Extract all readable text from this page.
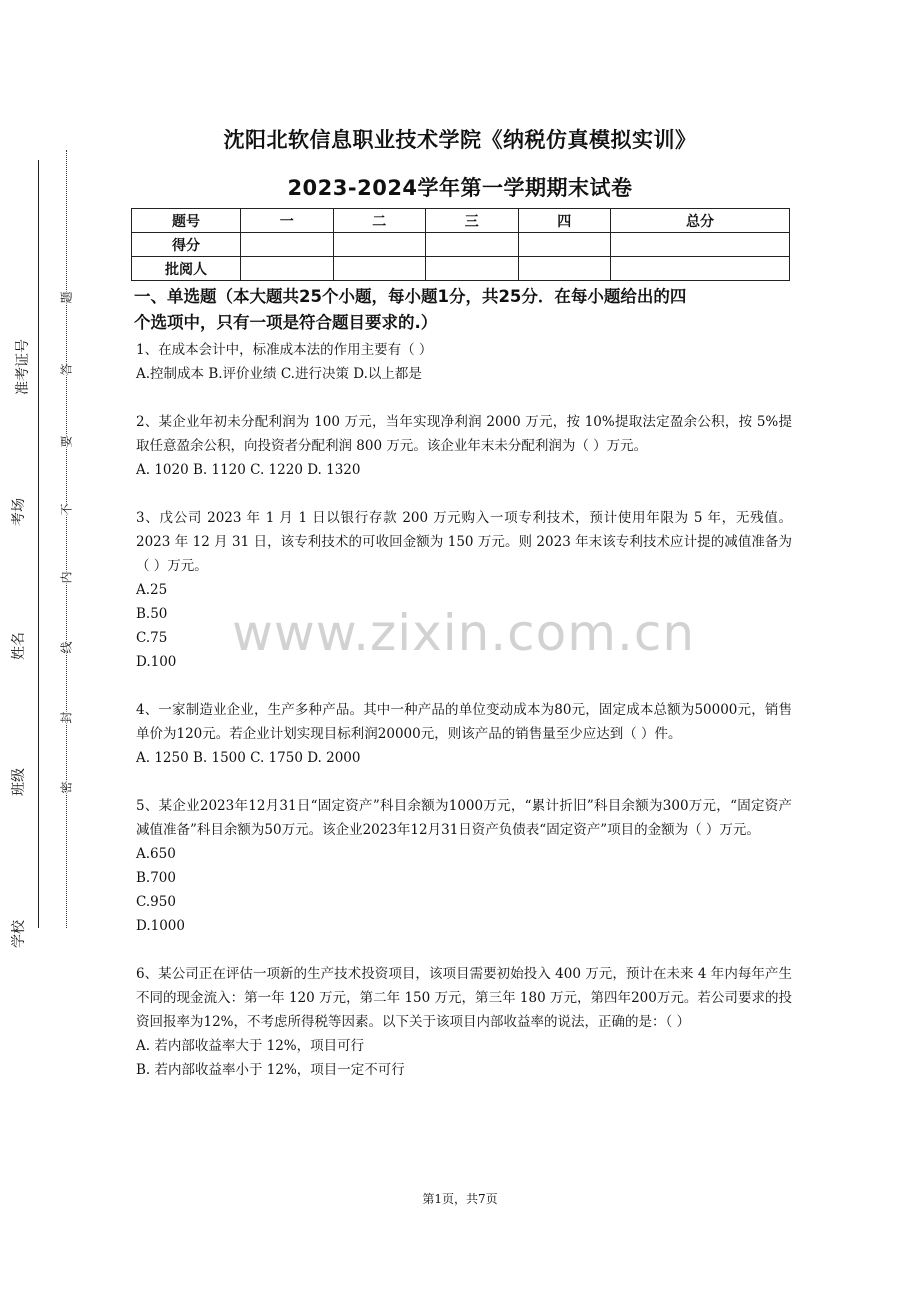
准考证号
考场
姓名
班级
学校
题
答
要
不
内
线
封
密
沈阳北软信息职业技术学院《纳税仿真模拟实训》
2023-2024学年第一学期期末试卷
题号	一	二	三	四	总分
得分					
批阅人					
一、单选题（本大题共25个小题，每小题1分，共25分．在每小题给出的四
个选项中，只有一项是符合题目要求的.）
1、在成本会计中，标准成本法的作用主要有（ ）
A.控制成本 B.评价业绩 C.进行决策 D.以上都是
2、某企业年初未分配利润为 100 万元，当年实现净利润 2000 万元，按 10%提取法定盈余公积，按 5%提取任意盈余公积，向投资者分配利润 800 万元。该企业年末未分配利润为（ ）万元。
A. 1020 B. 1120 C. 1220 D. 1320
3、戊公司 2023 年 1 月 1 日以银行存款 200 万元购入一项专利技术，预计使用年限为 5 年，无残值。2023 年 12 月 31 日，该专利技术的可收回金额为 150 万元。则 2023 年末该专利技术应计提的减值准备为（ ）万元。
A.25
B.50
C.75
D.100
4、一家制造业企业，生产多种产品。其中一种产品的单位变动成本为80元，固定成本总额为50000元，销售单价为120元。若企业计划实现目标利润20000元，则该产品的销售量至少应达到（ ）件。
A. 1250 B. 1500 C. 1750 D. 2000
5、某企业2023年12月31日“固定资产”科目余额为1000万元，“累计折旧”科目余额为300万元，“固定资产减值准备”科目余额为50万元。该企业2023年12月31日资产负债表“固定资产”项目的金额为（ ）万元。
A.650
B.700
C.950
D.1000
6、某公司正在评估一项新的生产技术投资项目，该项目需要初始投入 400 万元，预计在未来 4 年内每年产生不同的现金流入：第一年 120 万元，第二年 150 万元，第三年 180 万元，第四年200万元。若公司要求的投资回报率为12%，不考虑所得税等因素。以下关于该项目内部收益率的说法，正确的是：（ ）
A. 若内部收益率大于 12%，项目可行
B. 若内部收益率小于 12%，项目一定不可行
www.zixin.com.cn
第1页，共7页
